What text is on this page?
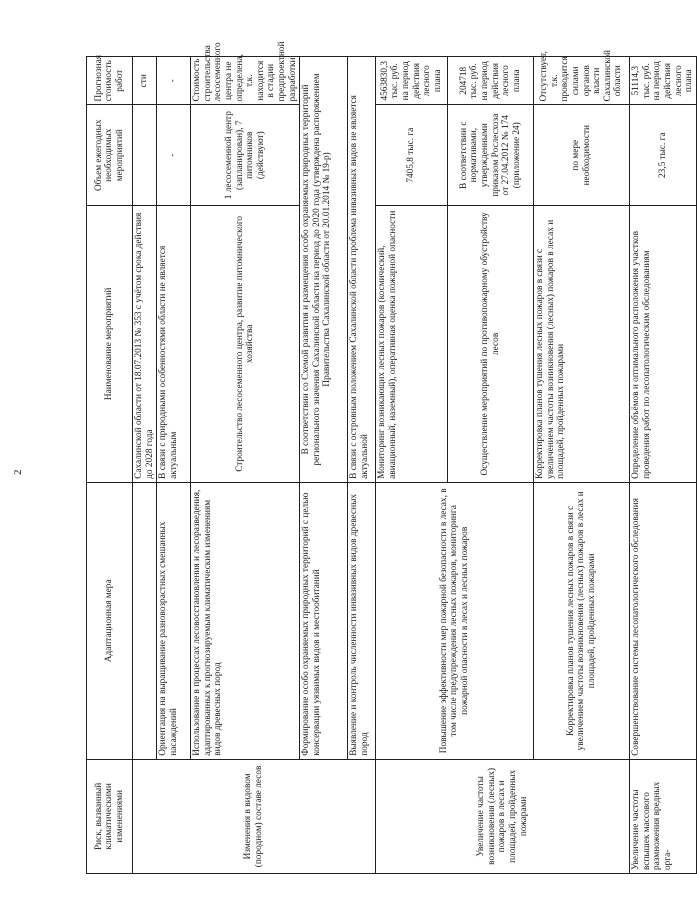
2
Риск, вызванный климатическими изменениями	Адаптационная мера	Наименование мероприятий	Объем ежегодных необходимых мероприятий	Прогнозная стоимость работ
Изменения в видовом (породном) составе лесов		Сахалинской области от 18.07.2013 № 353 с учётом срока действия до 2028 года		сти
	Ориентация на выращивание разновозрастных смешанных насаждений	В связи с природными особенностями области не является актуальным	-	-
	Использование в процессах лесовосстановления и лесоразведения, адаптированных к прогнозируемым климатическим изменениям видов древесных пород	Строительство лесосеменного центра, развитие питомнического хозяйства	1 лесосеменной центр (запланирован), 7 питомников (действуют)	Стоимость строительства лесосеменного центра не определена, т.к. находится в стадии предпроектной разработки
	Формирование особо охраняемых природных территорий с целью консервации уязвимых видов и местообитаний	В соответствии со Схемой развития и размещения особо охраняемых природных территорий регионального значения Сахалинской области на период до 2020 года (утверждена распоряжением Правительства Сахалинской области от 20.01.2014 № 19-р)		
	Выявление и контроль численности инвазивных видов древесных пород	В связи с островным положением Сахалинской области проблема инвазивных видов не является актуальной		
Увеличение частоты возникновения (лесных) пожаров в лесах и площадей, пройденных пожарами	Повышение эффективности мер пожарной безопасности в лесах, в том числе предупреждения лесных пожаров, мониторинга пожарной опасности в лесах и лесных пожаров	Мониторинг возникающих лесных пожаров (космический, авиационный, наземный), оперативная оценка пожарной опасности	7405,8 тыс. га	4563830,3 тыс. руб. на период действия лесного плана
		Осуществление мероприятий по противопожарному обустройству лесов	В соответствии с нормативами, утвержденными приказом Рослесхоза от 27.04.2012 № 174 (приложение 24)	204718 тыс. руб. на период действия лесного плана
	Корректировка планов тушения лесных пожаров в связи с увеличением частоты возникновения (лесных) пожаров в лесах и площадей, пройденных пожарами	Корректировка планов тушения лесных пожаров в связи с увеличением частоты возникновения (лесных) пожаров в лесах и площадей, пройденных пожарами	по мере необходимости	Отсутствует, т.к. проводится силами органов власти Сахалинской области
Увеличение частоты вспышек массового размножения вредных орга-	Совершенствование системы лесопатологического обследования	Определение объёмов и оптимального расположения участков проведения работ по лесопатологическим обследованиям	23,5 тыс. га	51114,3 тыс. руб. на период действия лесного плана
